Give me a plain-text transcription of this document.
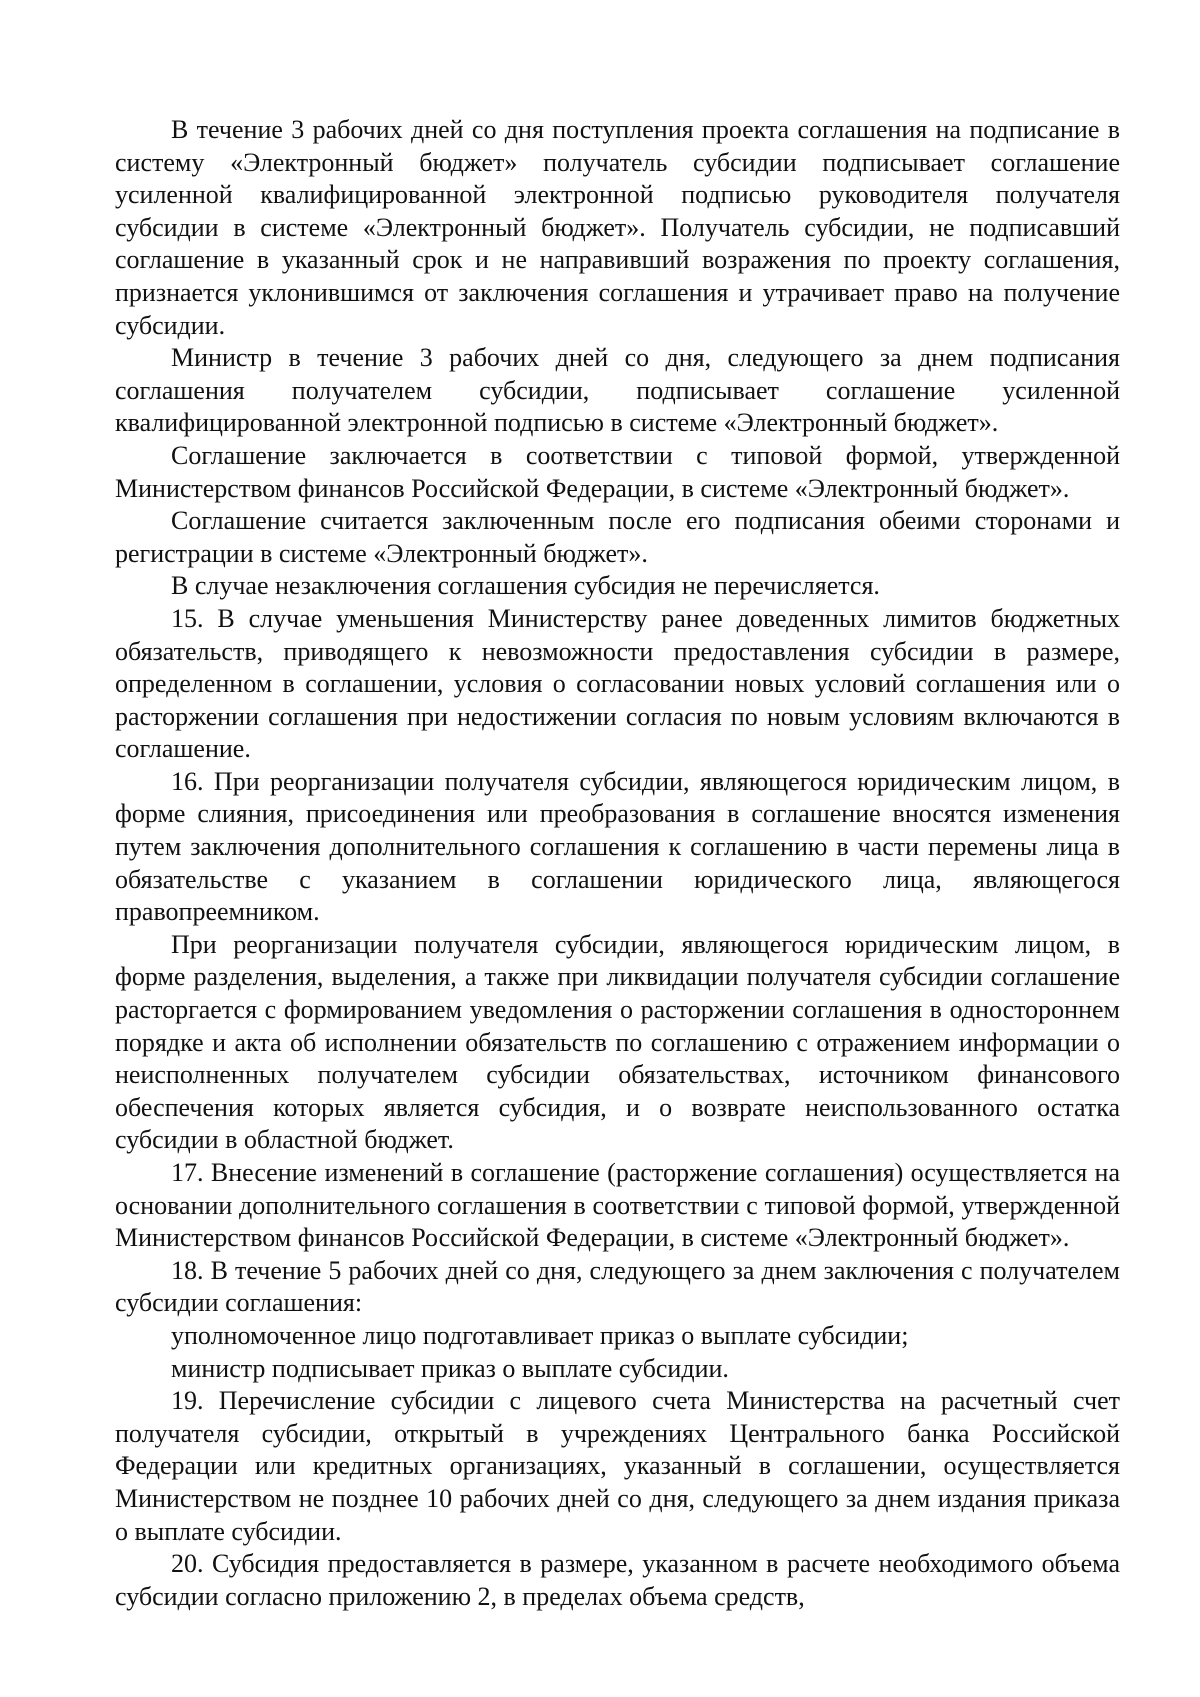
В течение 3 рабочих дней со дня поступления проекта соглашения на подписание в систему «Электронный бюджет» получатель субсидии подписывает соглашение усиленной квалифицированной электронной подписью руководителя получателя субсидии в системе «Электронный бюджет». Получатель субсидии, не подписавший соглашение в указанный срок и не направивший возражения по проекту соглашения, признается уклонившимся от заключения соглашения и утрачивает право на получение субсидии.

Министр в течение 3 рабочих дней со дня, следующего за днем подписания соглашения получателем субсидии, подписывает соглашение усиленной квалифицированной электронной подписью в системе «Электронный бюджет».

Соглашение заключается в соответствии с типовой формой, утвержденной Министерством финансов Российской Федерации, в системе «Электронный бюджет».

Соглашение считается заключенным после его подписания обеими сторонами и регистрации в системе «Электронный бюджет».

В случае незаключения соглашения субсидия не перечисляется.

15. В случае уменьшения Министерству ранее доведенных лимитов бюджетных обязательств, приводящего к невозможности предоставления субсидии в размере, определенном в соглашении, условия о согласовании новых условий соглашения или о расторжении соглашения при недостижении согласия по новым условиям включаются в соглашение.

16. При реорганизации получателя субсидии, являющегося юридическим лицом, в форме слияния, присоединения или преобразования в соглашение вносятся изменения путем заключения дополнительного соглашения к соглашению в части перемены лица в обязательстве с указанием в соглашении юридического лица, являющегося правопреемником.

При реорганизации получателя субсидии, являющегося юридическим лицом, в форме разделения, выделения, а также при ликвидации получателя субсидии соглашение расторгается с формированием уведомления о расторжении соглашения в одностороннем порядке и акта об исполнении обязательств по соглашению с отражением информации о неисполненных получателем субсидии обязательствах, источником финансового обеспечения которых является субсидия, и о возврате неиспользованного остатка субсидии в областной бюджет.

17. Внесение изменений в соглашение (расторжение соглашения) осуществляется на основании дополнительного соглашения в соответствии с типовой формой, утвержденной Министерством финансов Российской Федерации, в системе «Электронный бюджет».

18. В течение 5 рабочих дней со дня, следующего за днем заключения с получателем субсидии соглашения:

уполномоченное лицо подготавливает приказ о выплате субсидии;

министр подписывает приказ о выплате субсидии.

19. Перечисление субсидии с лицевого счета Министерства на расчетный счет получателя субсидии, открытый в учреждениях Центрального банка Российской Федерации или кредитных организациях, указанный в соглашении, осуществляется Министерством не позднее 10 рабочих дней со дня, следующего за днем издания приказа о выплате субсидии.

20. Субсидия предоставляется в размере, указанном в расчете необходимого объема субсидии согласно приложению 2, в пределах объема средств,
